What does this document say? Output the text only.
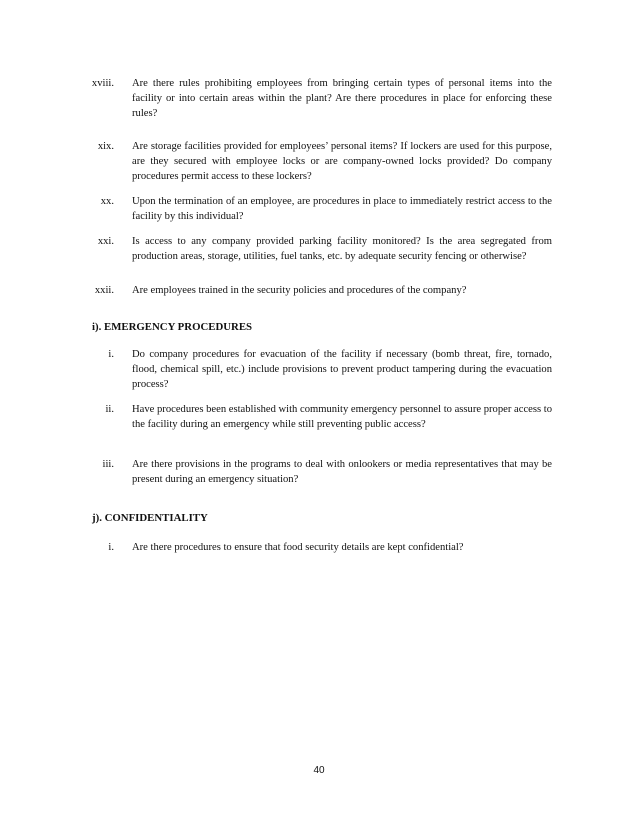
xviii. Are there rules prohibiting employees from bringing certain types of personal items into the facility or into certain areas within the plant? Are there procedures in place for enforcing these rules?
xix. Are storage facilities provided for employees’ personal items? If lockers are used for this purpose, are they secured with employee locks or are company-owned locks provided? Do company procedures permit access to these lockers?
xx. Upon the termination of an employee, are procedures in place to immediately restrict access to the facility by this individual?
xxi. Is access to any company provided parking facility monitored? Is the area segregated from production areas, storage, utilities, fuel tanks, etc. by adequate security fencing or otherwise?
xxii. Are employees trained in the security policies and procedures of the company?
i). EMERGENCY PROCEDURES
i. Do company procedures for evacuation of the facility if necessary (bomb threat, fire, tornado, flood, chemical spill, etc.) include provisions to prevent product tampering during the evacuation process?
ii. Have procedures been established with community emergency personnel to assure proper access to the facility during an emergency while still preventing public access?
iii. Are there provisions in the programs to deal with onlookers or media representatives that may be present during an emergency situation?
j). CONFIDENTIALITY
i. Are there procedures to ensure that food security details are kept confidential?
40
